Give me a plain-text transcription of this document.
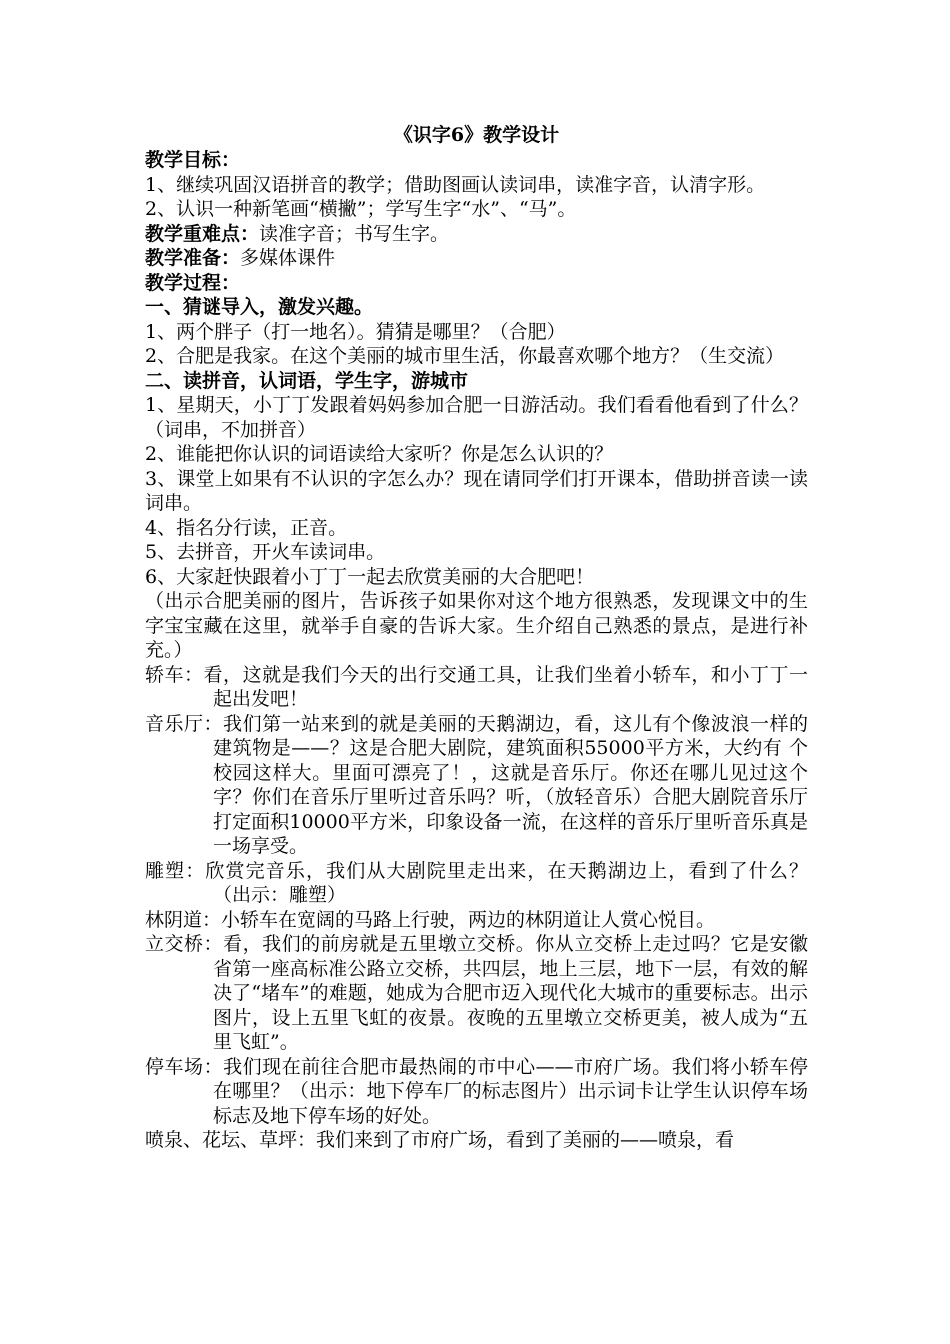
《识字6》教学设计

教学目标：

1、继续巩固汉语拼音的教学；借助图画认读词串，读准字音，认清字形。

2、认识一种新笔画“横撇”；学写生字“水”、“马”。

教学重难点：读准字音；书写生字。

教学准备：多媒体课件

教学过程：

一、猜谜导入，激发兴趣。

1、两个胖子（打一地名）。猜猜是哪里？（合肥）

2、合肥是我家。在这个美丽的城市里生活，你最喜欢哪个地方？（生交流）

二、读拼音，认词语，学生字，游城市

1、星期天，小丁丁发跟着妈妈参加合肥一日游活动。我们看看他看到了什么？（词串，不加拼音）

2、谁能把你认识的词语读给大家听？你是怎么认识的？

3、课堂上如果有不认识的字怎么办？现在请同学们打开课本，借助拼音读一读词串。

4、指名分行读，正音。

5、去拼音，开火车读词串。

6、大家赶快跟着小丁丁一起去欣赏美丽的大合肥吧！

（出示合肥美丽的图片，告诉孩子如果你对这个地方很熟悉，发现课文中的生字宝宝藏在这里，就举手自豪的告诉大家。生介绍自己熟悉的景点，是进行补充。）

轿车：看，这就是我们今天的出行交通工具，让我们坐着小轿车，和小丁丁一起出发吧！

音乐厅：我们第一站来到的就是美丽的天鹅湖边，看，这儿有个像波浪一样的建筑物是——？这是合肥大剧院，建筑面积55000平方米，大约有 个校园这样大。里面可漂亮了！，这就是音乐厅。你还在哪儿见过这个字？你们在音乐厅里听过音乐吗？听，（放轻音乐）合肥大剧院音乐厅打定面积10000平方米，印象设备一流，在这样的音乐厅里听音乐真是一场享受。

雕塑：欣赏完音乐，我们从大剧院里走出来，在天鹅湖边上，看到了什么？（出示：雕塑）

林阴道：小轿车在宽阔的马路上行驶，两边的林阴道让人赏心悦目。

立交桥：看，我们的前房就是五里墩立交桥。你从立交桥上走过吗？它是安徽省第一座高标准公路立交桥，共四层，地上三层，地下一层，有效的解决了“堵车”的难题，她成为合肥市迈入现代化大城市的重要标志。出示图片，设上五里飞虹的夜景。夜晚的五里墩立交桥更美，被人成为“五里飞虹”。

停车场：我们现在前往合肥市最热闹的市中心——市府广场。我们将小轿车停在哪里？（出示：地下停车厂的标志图片）出示词卡让学生认识停车场标志及地下停车场的好处。

喷泉、花坛、草坪：我们来到了市府广场，看到了美丽的——喷泉，看
